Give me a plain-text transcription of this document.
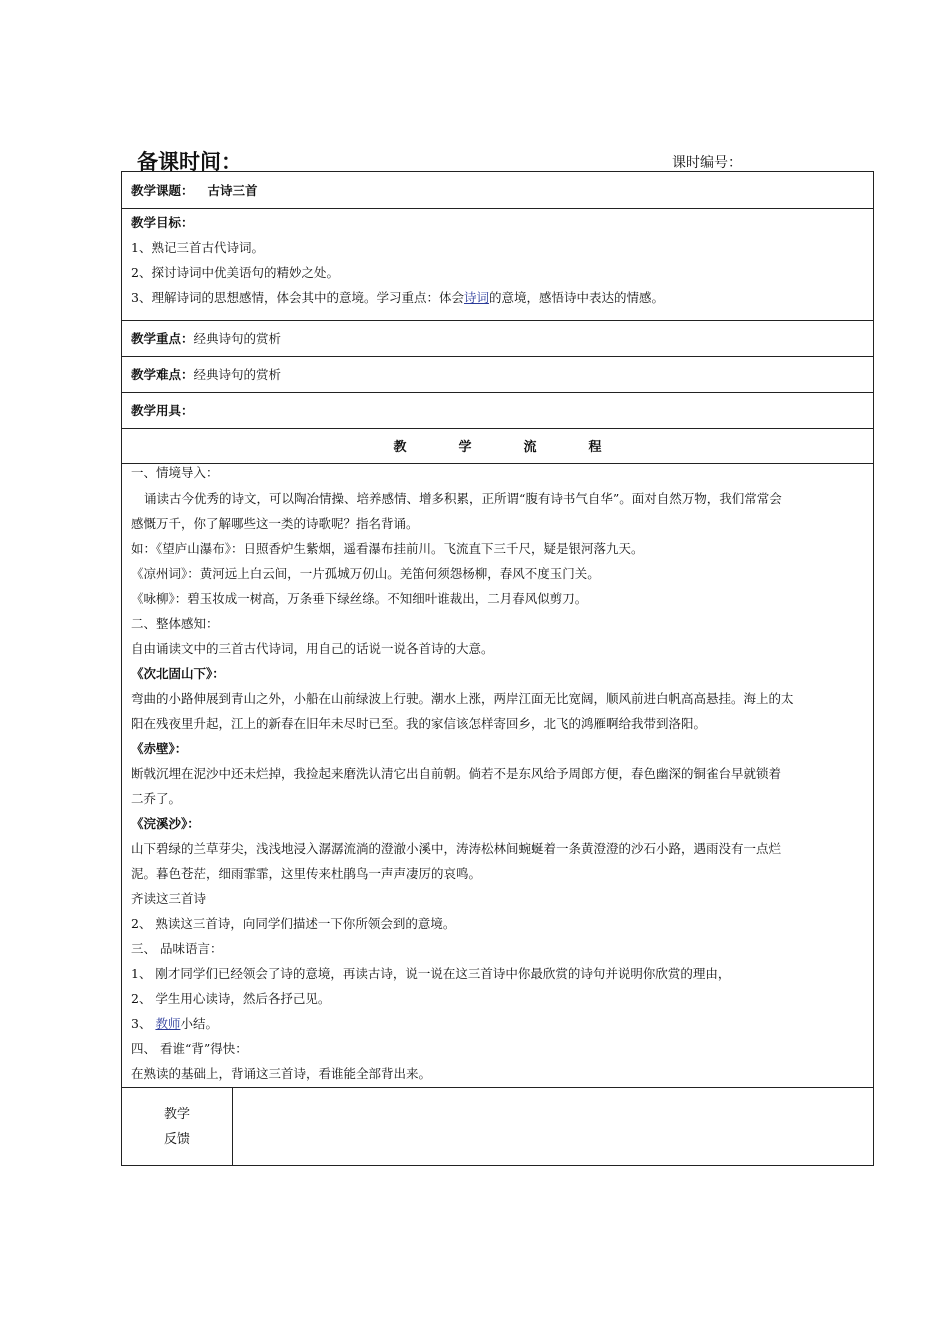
备课时间：	课时编号：
教学课题： 古诗三首
教学目标：
1、熟记三首古代诗词。
2、探讨诗词中优美语句的精妙之处。
3、理解诗词的思想感情，体会其中的意境。学习重点：体会诗词的意境，感悟诗中表达的情感。
教学重点：经典诗句的赏析
教学难点：经典诗句的赏析
教学用具：
教	学	流	程
一、情境导入：
诵读古今优秀的诗文，可以陶冶情操、培养感情、增多积累，正所谓“腹有诗书气自华”。面对自然万物，我们常常会
感慨万千，你了解哪些这一类的诗歌呢？指名背诵。
如：《望庐山瀑布》：日照香炉生紫烟，遥看瀑布挂前川。飞流直下三千尺，疑是银河落九天。
《凉州词》：黄河远上白云间，一片孤城万仞山。羌笛何须怨杨柳，春风不度玉门关。
《咏柳》：碧玉妆成一树高，万条垂下绿丝绦。不知细叶谁裁出，二月春风似剪刀。
二、整体感知：
自由诵读文中的三首古代诗词，用自己的话说一说各首诗的大意。
《次北固山下》：
弯曲的小路伸展到青山之外，小船在山前绿波上行驶。潮水上涨，两岸江面无比宽阔，顺风前进白帆高高悬挂。海上的太
阳在残夜里升起，江上的新春在旧年未尽时已至。我的家信该怎样寄回乡，北飞的鸿雁啊给我带到洛阳。
《赤壁》：
断戟沉埋在泥沙中还未烂掉，我捡起来磨洗认清它出自前朝。倘若不是东风给予周郎方便，春色幽深的铜雀台早就锁着
二乔了。
《浣溪沙》：
山下碧绿的兰草芽尖，浅浅地浸入潺潺流淌的澄澈小溪中，涛涛松林间蜿蜒着一条黄澄澄的沙石小路，遇雨没有一点烂
泥。暮色苍茫，细雨霏霏，这里传来杜鹃鸟一声声凄厉的哀鸣。
齐读这三首诗
2、 熟读这三首诗，向同学们描述一下你所领会到的意境。
三、 品味语言：
1、 刚才同学们已经领会了诗的意境，再读古诗，说一说在这三首诗中你最欣赏的诗句并说明你欣赏的理由，
2、 学生用心读诗，然后各抒己见。
3、 教师小结。
四、 看谁“背”得快：
在熟读的基础上，背诵这三首诗，看谁能全部背出来。
教学
反馈
